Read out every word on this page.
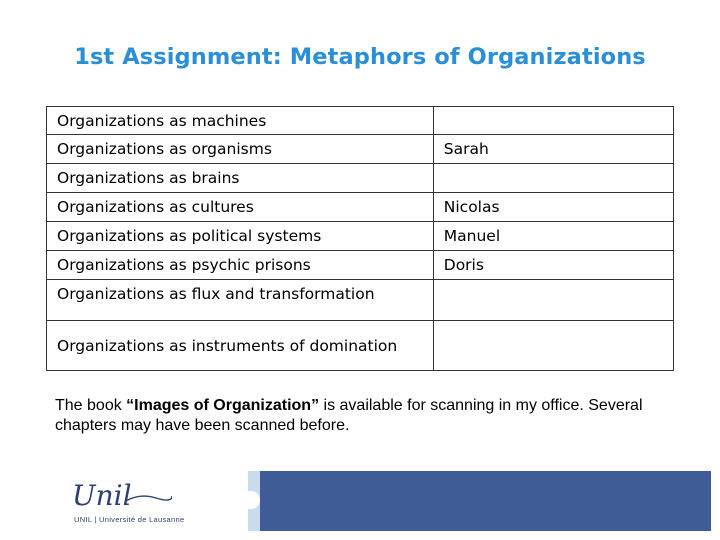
1st Assignment: Metaphors of Organizations
Organizations as machines	
Organizations as organisms	Sarah
Organizations as brains	
Organizations as cultures	Nicolas
Organizations as political systems	Manuel
Organizations as psychic prisons	Doris
Organizations as flux and transformation	
Organizations as instruments of domination	
The book “Images of Organization” is available for scanning in my office. Several chapters may have been scanned before.
Unil
UNIL | Université de Lausanne
